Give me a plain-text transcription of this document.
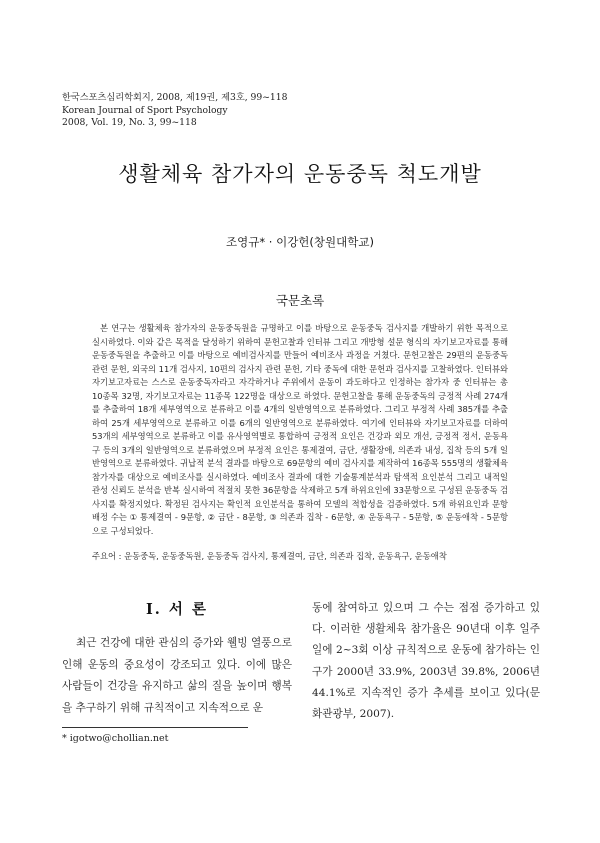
한국스포츠심리학회지, 2008, 제19권, 제3호, 99~118
Korean Journal of Sport Psychology
2008, Vol. 19, No. 3, 99~118
생활체육 참가자의 운동중독 척도개발
조영규* · 이강헌(창원대학교)
국문초록

본 연구는 생활체육 참가자의 운동중독원을 규명하고 이를 바탕으로 운동중독 검사지를 개발하기 위한 목적으로 실시하였다. 이와 같은 목적을 달성하기 위하여 문헌고찰과 인터뷰 그리고 개방형 설문 형식의 자기보고자료를 통해 운동중독원을 추출하고 이를 바탕으로 예비검사지를 만들어 예비조사 과정을 거쳤다. 문헌고찰은 29편의 운동중독 관련 문헌, 외국의 11개 검사지, 10편의 검사지 관련 문헌, 기타 중독에 대한 문헌과 검사지를 고찰하였다. 인터뷰와 자기보고자료는 스스로 운동중독자라고 자각하거나 주위에서 운동이 과도하다고 인정하는 참가자 중 인터뷰는 총 10종목 32명, 자기보고자료는 11종목 122명을 대상으로 하였다. 문헌고찰을 통해 운동중독의 긍정적 사례 274개를 추출하여 18개 세부영역으로 분류하고 이를 4개의 일반영역으로 분류하였다. 그리고 부정적 사례 385개를 추출하여 25개 세부영역으로 분류하고 이를 6개의 일반영역으로 분류하였다. 여기에 인터뷰와 자기보고자료를 더하여 53개의 세부영역으로 분류하고 이를 유사영역별로 통합하여 긍정적 요인은 건강과 외모 개선, 긍정적 정서, 운동욕구 등의 3개의 일반영역으로 분류하였으며 부정적 요인은 통제결여, 금단, 생활장애, 의존과 내성, 집착 등의 5개 일반영역으로 분류하였다. 귀납적 분석 결과를 바탕으로 69문항의 예비 검사지를 제작하여 16종목 555명의 생활체육 참가자를 대상으로 예비조사를 실시하였다. 예비조사 결과에 대한 기술통계분석과 탐색적 요인분석 그리고 내적일관성 신뢰도 분석을 반복 실시하여 적절치 못한 36문항을 삭제하고 5개 하위요인에 33문항으로 구성된 운동중독 검사지를 확정지었다. 확정된 검사지는 확인적 요인분석을 통하여 모델의 적합성을 검증하였다. 5개 하위요인과 문항 배정 수는 ① 통제결여 - 9문항, ② 금단 - 8문항, ③ 의존과 집착 - 6문항, ④ 운동욕구 - 5문항, ⑤ 운동애착 - 5문항으로 구성되었다.

주요어 : 운동중독, 운동중독원, 운동중독 검사지, 통제결여, 금단, 의존과 집착, 운동욕구, 운동애착
Ⅰ. 서 론

최근 건강에 대한 관심의 증가와 웰빙 열풍으로 인해 운동의 중요성이 강조되고 있다. 이에 많은 사람들이 건강을 유지하고 삶의 질을 높이며 행복을 추구하기 위해 규칙적이고 지속적으로 운

동에 참여하고 있으며 그 수는 점점 증가하고 있다. 이러한 생활체육 참가율은 90년대 이후 일주일에 2~3회 이상 규칙적으로 운동에 참가하는 인구가 2000년 33.9%, 2003년 39.8%, 2006년44.1%로 지속적인 증가 추세를 보이고 있다(문화관광부, 2007).

* igotwo@chollian.net
